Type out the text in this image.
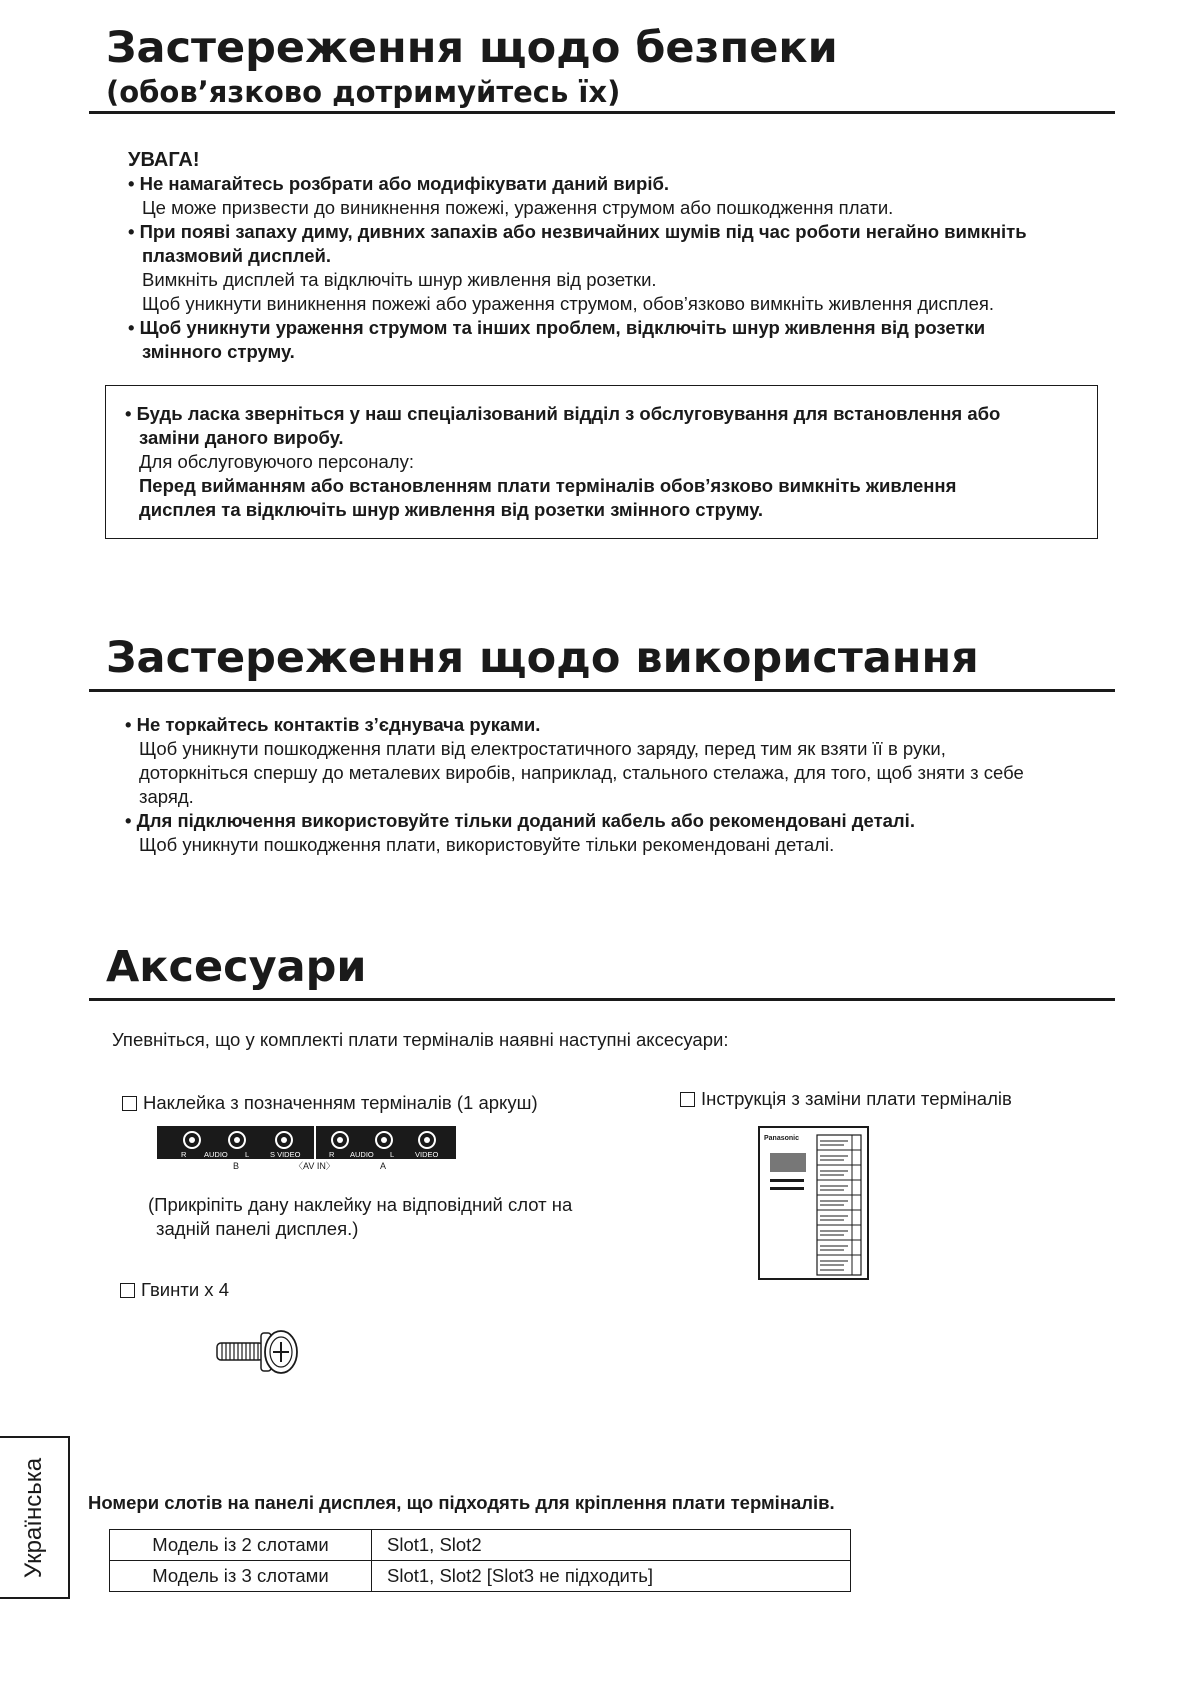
Застереження щодо безпеки
(обов’язково дотримуйтесь їх)
УВАГА!
• Не намагайтесь розбрати або модифікувати даний виріб.
Це може призвести до виникнення пожежі, ураження струмом або пошкодження плати.
• При появі запаху диму, дивних запахів або незвичайних шумів під час роботи негайно вимкніть
плазмовий дисплей.
Вимкніть дисплей та відключіть шнур живлення від розетки.
Щоб уникнути виникнення пожежі або ураження струмом, обов’язково вимкніть живлення дисплея.
• Щоб уникнути ураження струмом та інших проблем, відключіть шнур живлення від розетки
змінного струму.
• Будь ласка зверніться у наш спеціалізований відділ з обслуговування для встановлення або
заміни даного виробу.
Для обслуговуючого персоналу:
Перед вийманням або встановленням плати терміналів обов’язково вимкніть живлення
дисплея та відключіть шнур живлення від розетки змінного струму.
Застереження щодо використання
• Не торкайтесь контактів з’єднувача руками.
Щоб уникнути пошкодження плати від електростатичного заряду, перед тим як взяти її в руки,
доторкніться спершу до металевих виробів, наприклад, стального стелажа, для того, щоб зняти з себе
заряд.
• Для підключення використовуйте тільки доданий кабель або рекомендовані деталі.
Щоб уникнути пошкодження плати, використовуйте тільки рекомендовані деталі.
Аксесуари
Упевніться, що у комплекті плати терміналів наявні наступні аксесуари:
Наклейка з позначенням терміналів (1 аркуш)
R AUDIO L	S VIDEO	R AUDIO L	VIDEO
B	〈AV IN〉	A
(Прикріпіть дану наклейку на відповідний слот на
задній панелі дисплея.)
Гвинти x 4
Інструкція з заміни плати терміналів
Panasonic
Номери слотів на панелі дисплея, що підходять для кріплення плати терміналів.
Модель із 2 слотами	Slot1, Slot2
Модель із 3 слотами	Slot1, Slot2 [Slot3 не підходить]
Українська
